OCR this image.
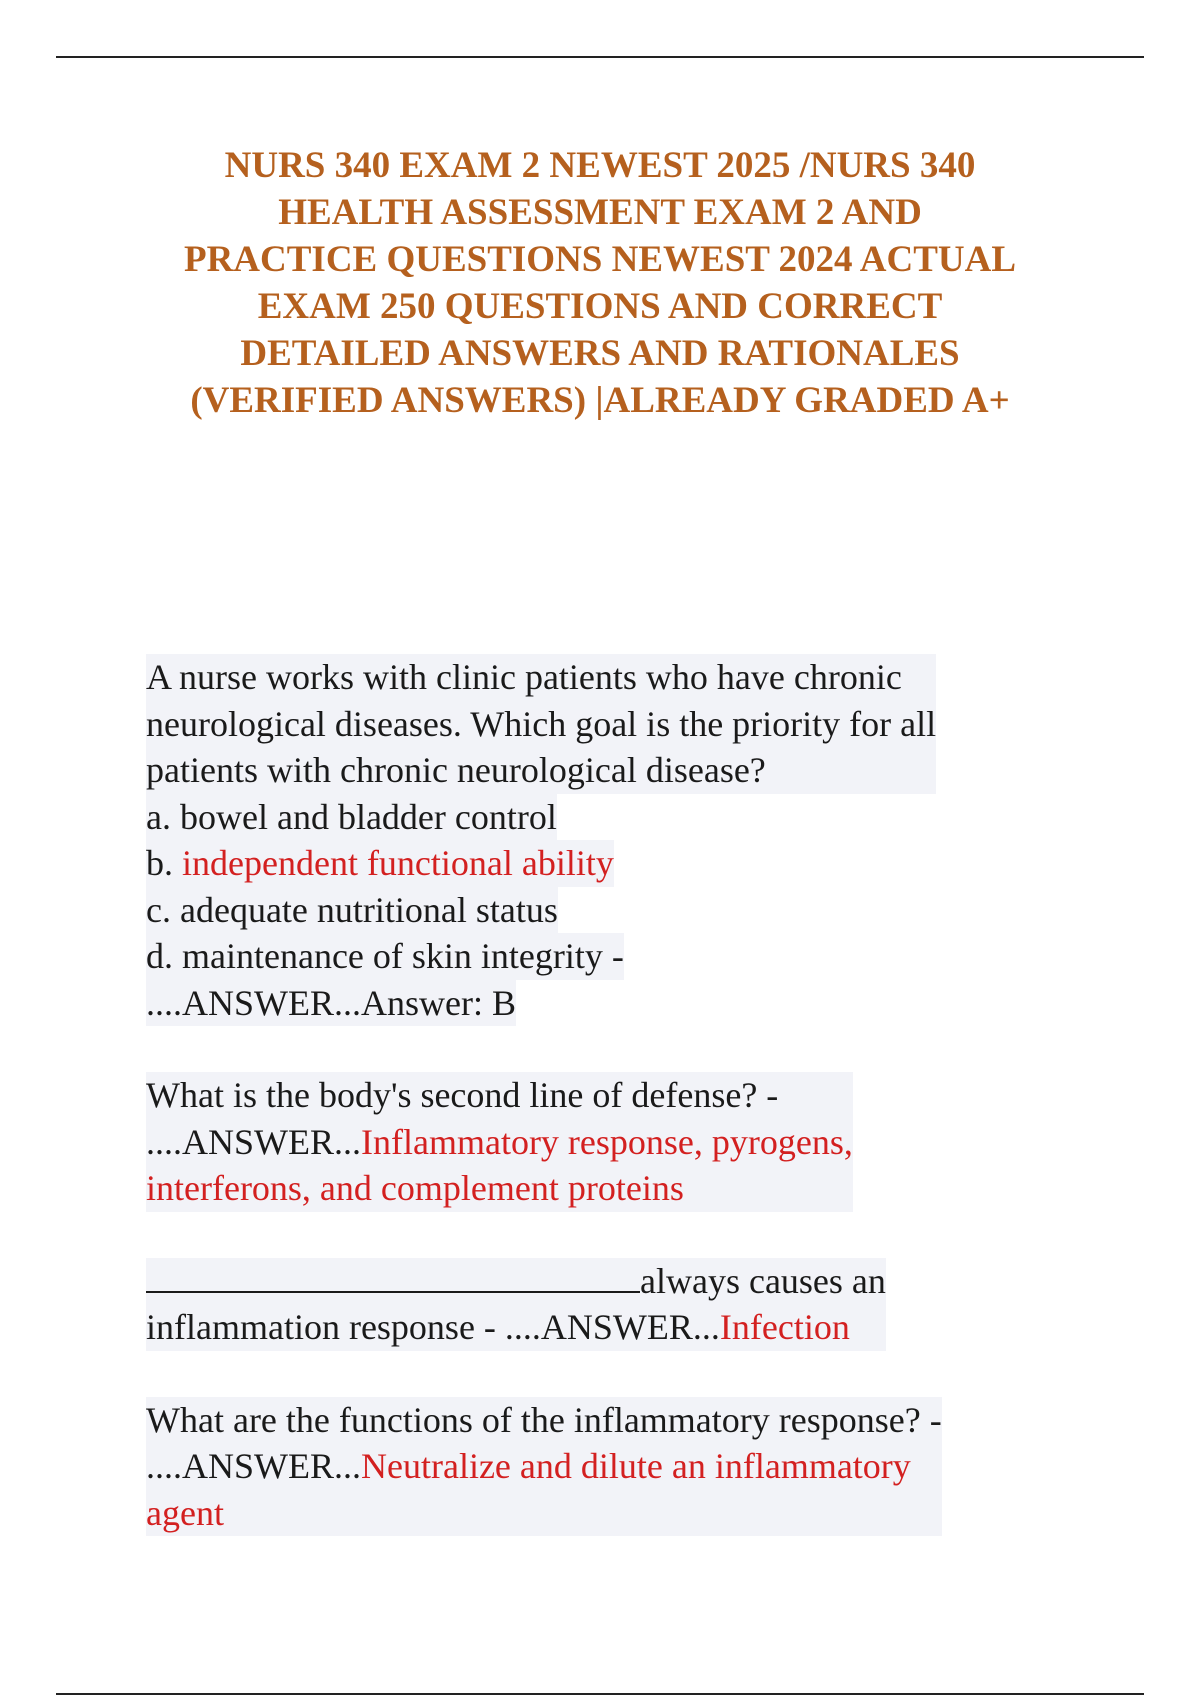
NURS 340 EXAM 2 NEWEST 2025 /NURS 340
HEALTH ASSESSMENT EXAM 2 AND
PRACTICE QUESTIONS NEWEST 2024 ACTUAL
EXAM 250 QUESTIONS AND CORRECT
DETAILED ANSWERS AND RATIONALES
(VERIFIED ANSWERS) |ALREADY GRADED A+
A nurse works with clinic patients who have chronic
neurological diseases. Which goal is the priority for all
patients with chronic neurological disease?
a. bowel and bladder control
b. independent functional ability
c. adequate nutritional status
d. maintenance of skin integrity -
....ANSWER...Answer: B
What is the body's second line of defense? -
....ANSWER...Inflammatory response, pyrogens,
interferons, and complement proteins
always causes an
inflammation response - ....ANSWER...Infection
What are the functions of the inflammatory response? -
....ANSWER...Neutralize and dilute an inflammatory
agent
